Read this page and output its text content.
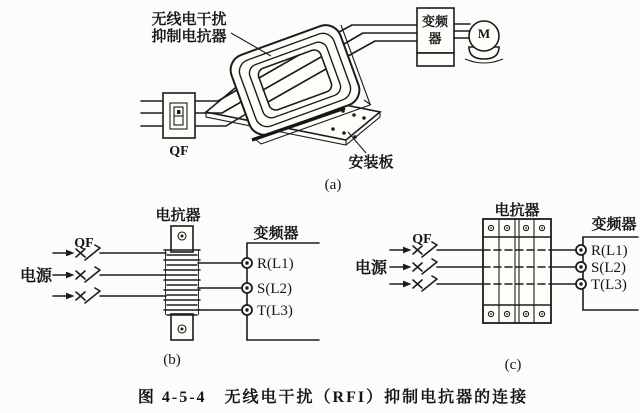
变频
器	M
无线电干扰
抑制电抗器
QF
安装板
(a)
电源
QF
电抗器
R(L1)
S(L2)
T(L3)
变频器
(b)
电源
QF
电抗器
R(L1)
S(L2)
T(L3)
变频器
(c)
图 4-5-4　无线电干扰（RFI）抑制电抗器的连接
